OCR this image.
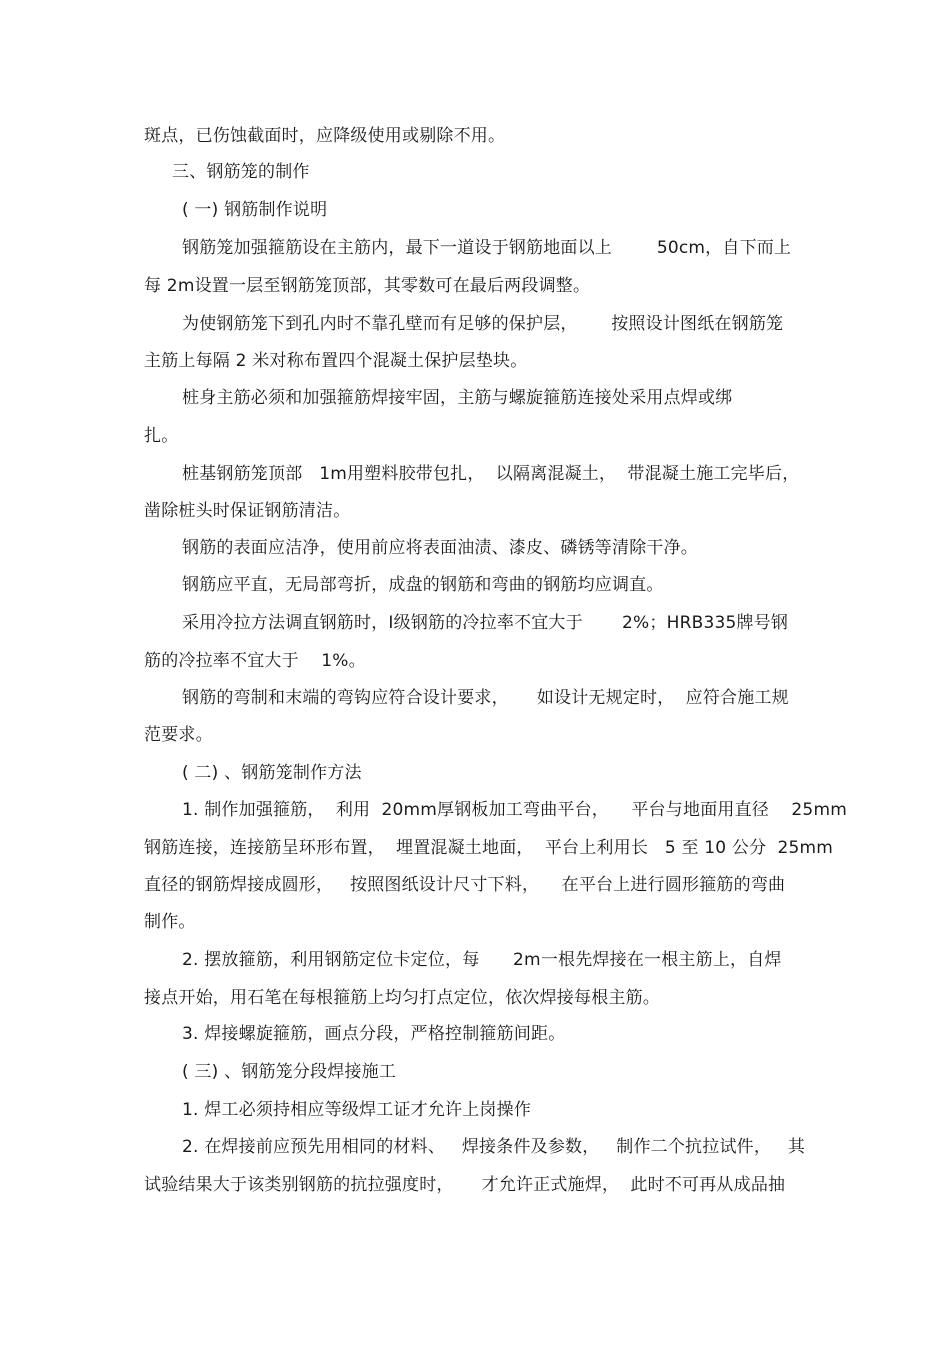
斑点，已伤蚀截面时，应降级使用或剔除不用。
三、钢筋笼的制作
( 一) 钢筋制作说明
钢筋笼加强箍筋设在主筋内，最下一道设于钢筋地面以上        50cm，自下而上
每 2m设置一层至钢筋笼顶部，其零数可在最后两段调整。
为使钢筋笼下到孔内时不靠孔壁而有足够的保护层，      按照设计图纸在钢筋笼
主筋上每隔 2 米对称布置四个混凝土保护层垫块。
桩身主筋必须和加强箍筋焊接牢固，主筋与螺旋箍筋连接处采用点焊或绑
扎。
桩基钢筋笼顶部   1m用塑料胶带包扎，  以隔离混凝土，  带混凝土施工完毕后，
凿除桩头时保证钢筋清洁。
钢筋的表面应洁净，使用前应将表面油渍、漆皮、磷锈等清除干净。
钢筋应平直，无局部弯折，成盘的钢筋和弯曲的钢筋均应调直。
采用冷拉方法调直钢筋时，Ⅰ级钢筋的冷拉率不宜大于       2%；HRB335牌号钢
筋的冷拉率不宜大于    1%。
钢筋的弯制和末端的弯钩应符合设计要求，     如设计无规定时，  应符合施工规
范要求。
( 二) 、钢筋笼制作方法
1. 制作加强箍筋，  利用  20mm厚钢板加工弯曲平台，    平台与地面用直径    25mm
钢筋连接，连接筋呈环形布置，  埋置混凝土地面，  平台上利用长   5 至 10 公分  25mm
直径的钢筋焊接成圆形，   按照图纸设计尺寸下料，    在平台上进行圆形箍筋的弯曲
制作。
2. 摆放箍筋，利用钢筋定位卡定位，每      2m一根先焊接在一根主筋上，自焊
接点开始，用石笔在每根箍筋上均匀打点定位，依次焊接每根主筋。
3. 焊接螺旋箍筋，画点分段，严格控制箍筋间距。
( 三) 、钢筋笼分段焊接施工
1. 焊工必须持相应等级焊工证才允许上岗操作
2. 在焊接前应预先用相同的材料、   焊接条件及参数，   制作二个抗拉试件，   其
试验结果大于该类别钢筋的抗拉强度时，     才允许正式施焊，  此时不可再从成品抽
